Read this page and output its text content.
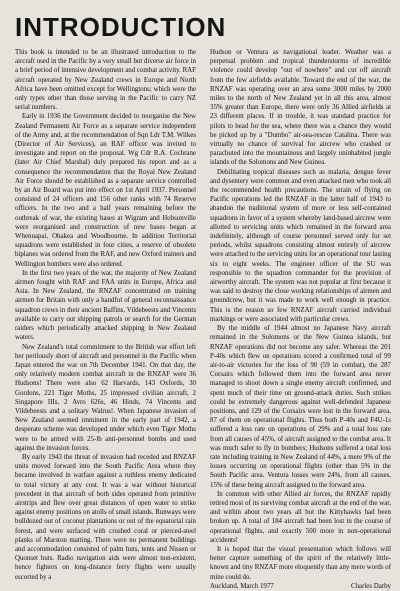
INTRODUCTION

This book is intended to be an illustrated introduction to the aircraft used in the Pacific by a very small but diverse air force in a brief period of intensive development and combat activity. RAF aircraft operated by New Zealand crews in Europe and North Africa have been omitted except for Wellingtons; which were the only types other than those serving in the Pacific to carry NZ serial numbers.

Early in 1936 the Government decided to reorganise the New Zealand Permanent Air Force as a separate service independent of the Army and, at the recommendation of Sqn Ldr T.M. Wilkes (Director of Air Services), an RAF officer was invited to investigate and report on the proposal. Wg Cdr R.A. Cochrane (later Air Chief Marshal) duly prepared his report and as a consequence the recommendation that the Royal New Zealand Air Force should be established as a separate service controlled by an Air Board was put into effect on 1st April 1937. Personnel consisted of 24 officers and 156 other ranks with 74 Reserve officers. In the two and a half years remaining before the outbreak of war, the existing bases at Wigram and Hobsonville were reorganised and construction of new bases began at Whenuapai, Ohakea and Woodbourne. In addition Territorial squadrons were established in four cities, a reserve of obsolete biplanes was ordered from the RAF, and new Oxford trainers and Wellington bombers were also ordered.

In the first two years of the war, the majority of New Zealand airmen fought with RAF and FAA units in Europe, Africa and Asia. In New Zealand, the RNZAF concentrated on training airmen for Britain with only a handful of general reconnaissance squadron crews in their ancient Baffins, Vildebeests and Vincents available to carry out shipping patrols or search for the German raiders which periodically attacked shipping in New Zealand waters.

New Zealand's total commitment to the British war effort left her perilously short of aircraft and personnel in the Pacific when Japan entered the war on 7th December 1941. On that day, the only relatively modern combat aircraft in the RNZAF were 36 Hudsons! There were also 62 Harvards, 143 Oxfords, 30 Gordons, 221 Tiger Moths, 25 impressed civilian aircraft, 2 Singapore IIIs, 2 Avro 626s, 46 Hinds, 74 Vincents and Vildebeests and a solitary Walrus!. When Japanese invasion of New Zealand seemed imminent in the early part of 1942, a desperate scheme was developed under which even Tiger Moths were to be armed with 25-lb anti-personnel bombs and used against the invasion forces.

By early 1943 the threat of invasion had receded and RNZAF units moved forward into the South Pacific Area where they became involved in warfare against a ruthless enemy dedicated to total victory at any cost. It was a war without historical precedent in that aircraft of both sides operated from primitive airstrips and flew over great distances of open water to strike against enemy positions on atolls of small islands. Runways were bulldozed out of coconut plantations or out of the equatorial rain forest, and were surfaced with crushed coral or pierced-steel planks of Marston matting. There were no permanent buildings and accommodation consisted of palm huts, tents and Nissen or Quonset huts. Radio navigation aids were almost non-existent, hence fighters on long-distance ferry flights were usually escorted by a

Hudson or Ventura as navigational leader. Weather was a perpetual problem and tropical thunderstorms of incredible violence could develop "out of nowhere" and cut off aircraft from the few airfields available. Toward the end of the war, the RNZAF was operating over an area some 3000 miles by 2000 miles to the north of New Zealand yet in all this area, almost 35% greater than Europe, there were only 36 Allied airfields at 23 different places. If in trouble, it was standard practice for pilots to head for the sea, where there was a chance they would be picked up by a "Dumbo" air-sea-rescue Catalina. There was virtually no chance of survival for aircrew who crashed or parachuted into the mountainous and largely uninhabited jungle islands of the Solomons and New Guinea.

Debilitating tropical diseases such as malaria, dengue fever and dysentery were common and even attacked men who took all the recommended health precautions. The strain of flying on Pacific operations led the RNZAF in the latter half of 1943 to abandon the traditional system of more or less self-contained squadrons in favor of a system whereby land-based aircrew were allotted to servicing units which remained in the forward area indefinitely, although of course personnel served only for set periods, whilst squadrons consisting almost entirely of aircrew were attached to the servicing units for an operational tour lasting six to eight weeks. The engineer officer of the SU was responsible to the squadron commander for the provision of airworthy aircraft. The system was not popular at first because it was said to destroy the close working relationships of airmen and groundcrew, but it was made to work well enough in practice. This is the reason so few RNZAF aircraft carried individual markings or were associated with particular crews.

By the middle of 1944 almost no Japanese Navy aircraft remained in the Solomons or the New Guinea islands, but RNZAF operations did not become any safer. Whereas the 201 P-40s which flew on operations scored a confirmed total of 99 air-to-air victories for the loss of 90 (59 in combat), the 287 Corsairs which followed them into the forward area never managed to shoot down a single enemy aircraft confirmed, and spent much of their time on ground-attack duties. Such strikes could be extremely dangerous against well-defended Japanese positions, and 129 of the Corsairs were lost in the forward area, 87 of them on operational flights. Thus both P-40s and F4U-1s suffered a loss rate on operations of 29% and a total loss rate from all causes of 45%, of aircraft assigned to the combat area. It was much safer to fly in bombers; Hudsons suffered a total loss rate including training in New Zealand of 44%, a mere 9% of the losses occurring on operational flights (other than 5% in the South Pacific area. Ventura losses were 24%, from all causes, 15% of these being aircraft assigned to the forward area.

In common with other Allied air forces, the RNZAF rapidly retired most of its surviving combat aircraft at the end of the war, and within about two years all but the Kittyhawks had been broken up. A total of 184 aircraft had been lost in the course of operational flights, and exactly 500 more in non-operational accidents!

It is hoped that the visual presentation which follows will better capture something of the spirit of the relatively little-known and tiny RNZAF more eloquently than any mere words of mine could do.

Auckland, March 1977	Charles Darby
